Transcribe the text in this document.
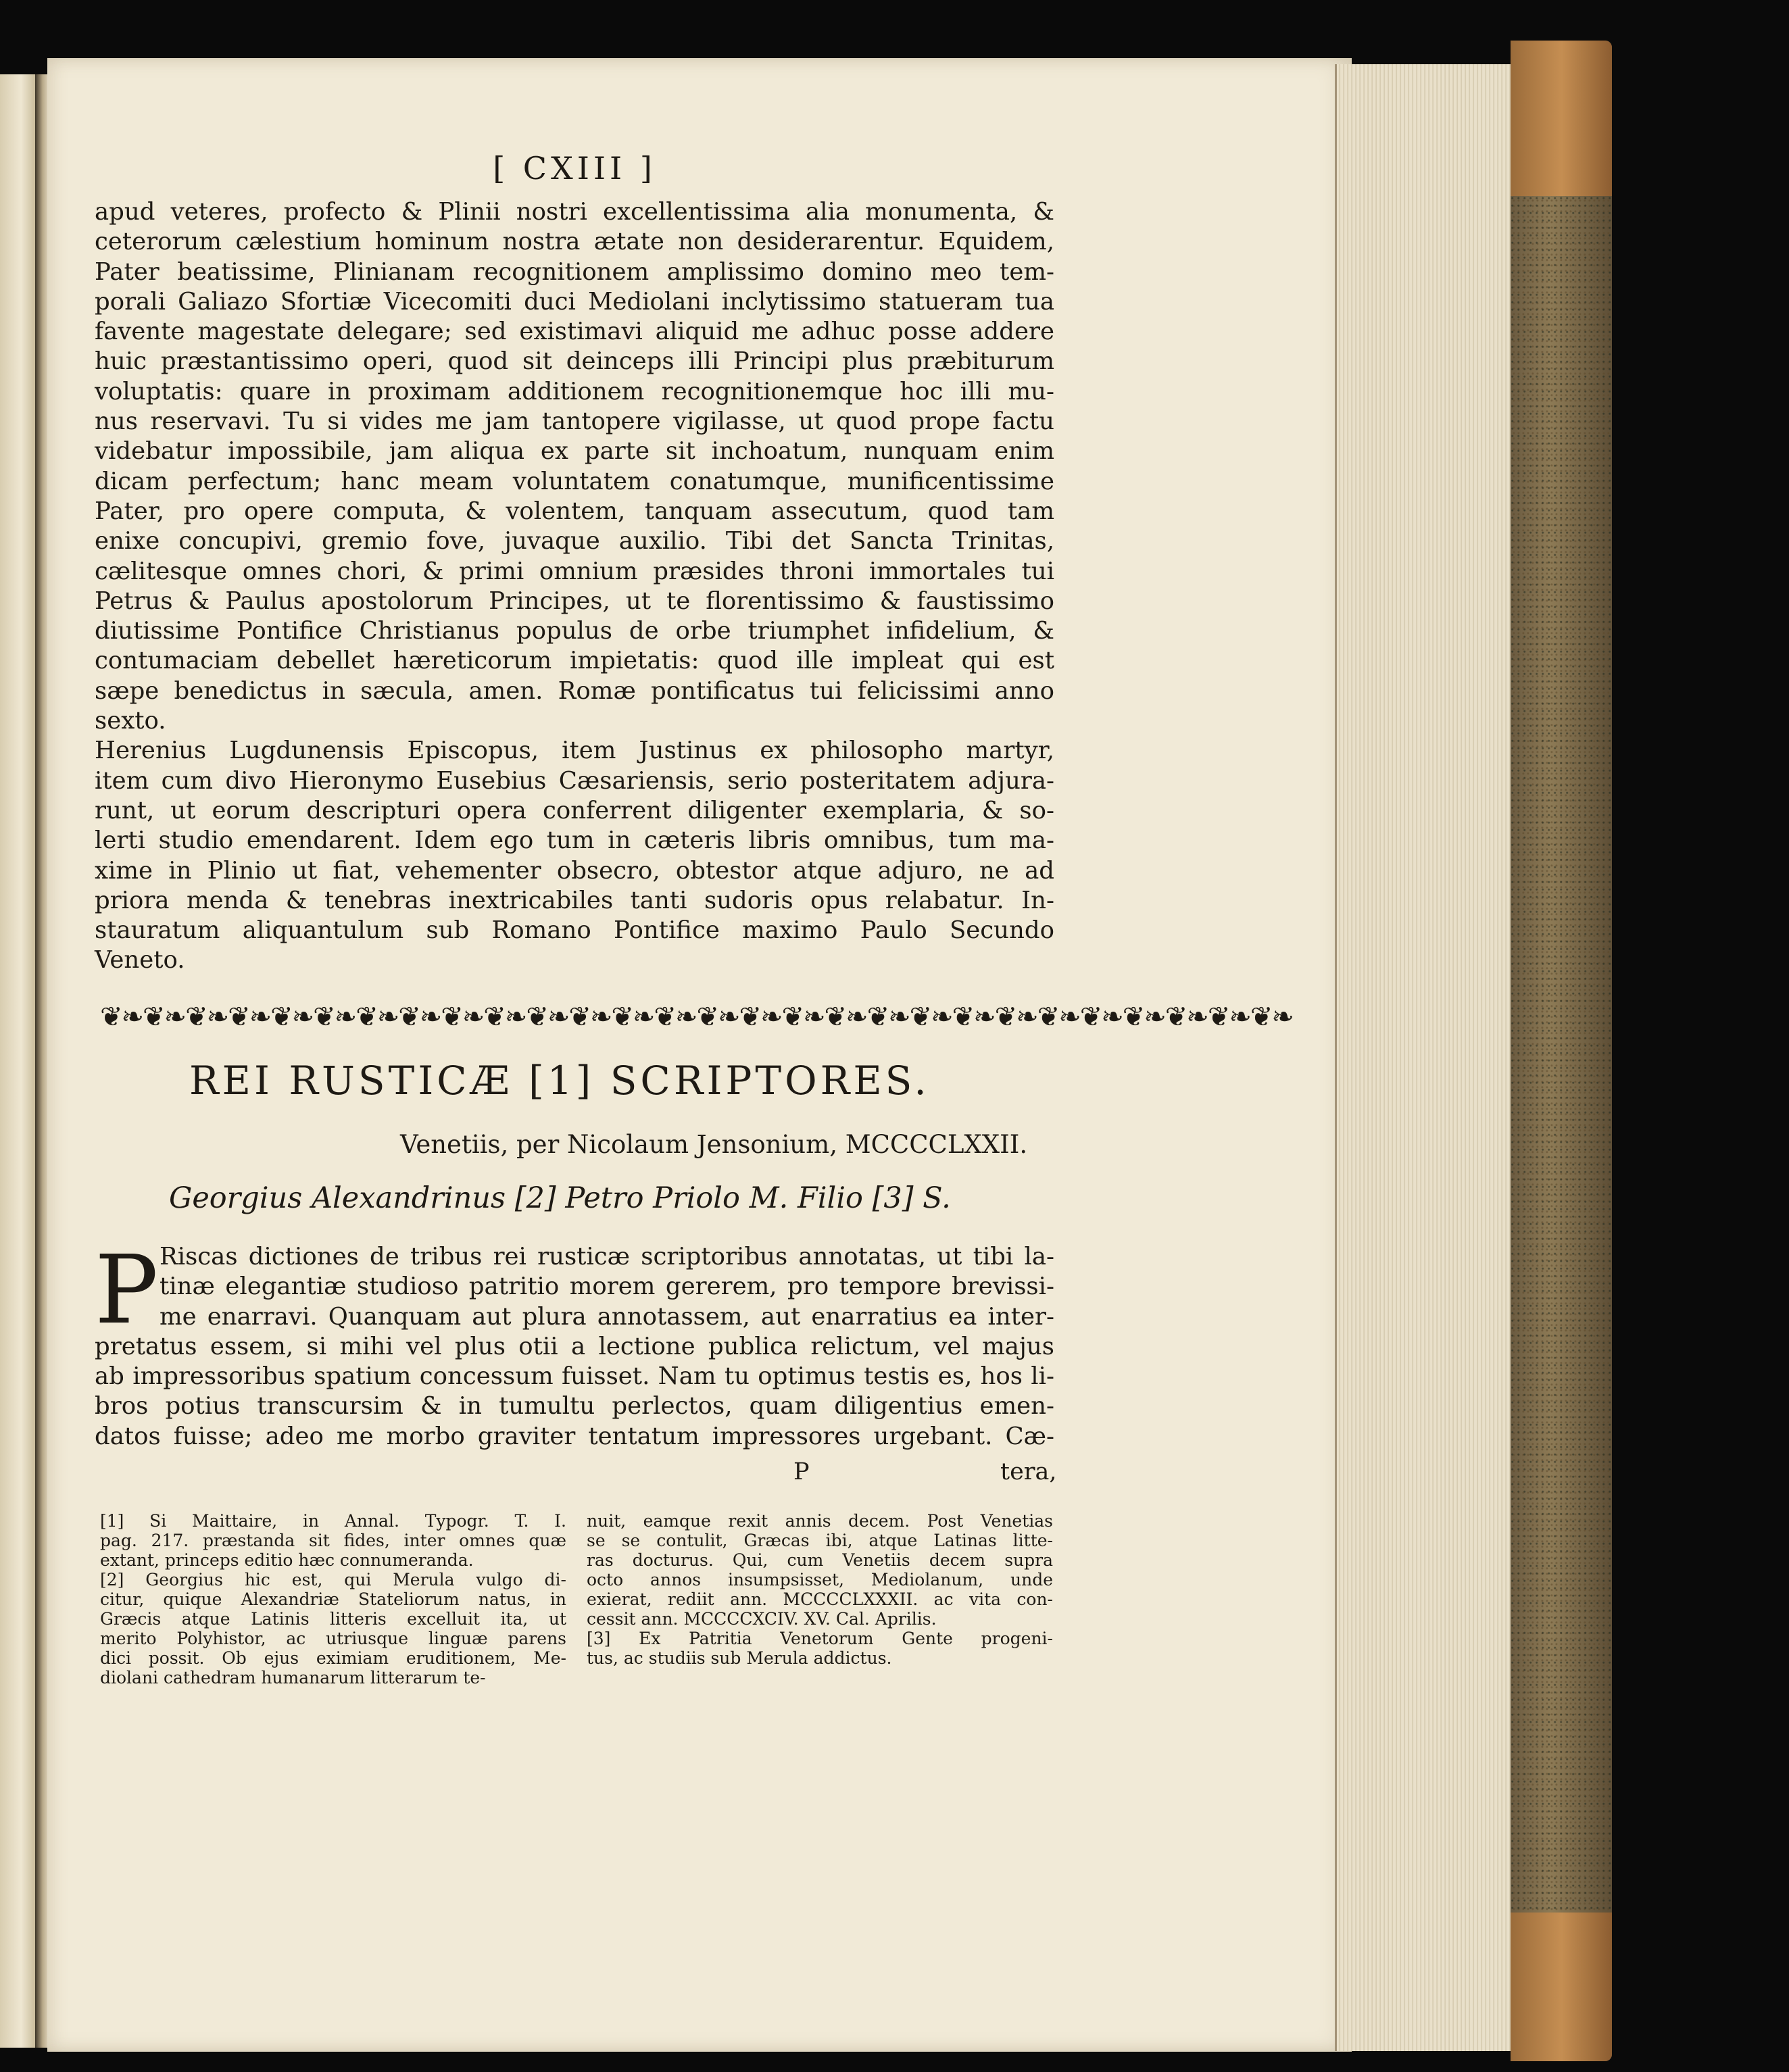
[ CXIII ]
apud veteres, profecto & Plinii nostri excellentissima alia monumenta, &
ceterorum cælestium hominum nostra ætate non desiderarentur. Equidem,
Pater beatissime, Plinianam recognitionem amplissimo domino meo tem-
porali Galiazo Sfortiæ Vicecomiti duci Mediolani inclytissimo statueram tua
favente magestate delegare; sed existimavi aliquid me adhuc posse addere
huic præstantissimo operi, quod sit deinceps illi Principi plus præbiturum
voluptatis: quare in proximam additionem recognitionemque hoc illi mu-
nus reservavi. Tu si vides me jam tantopere vigilasse, ut quod prope factu
videbatur impossibile, jam aliqua ex parte sit inchoatum, nunquam enim
dicam perfectum; hanc meam voluntatem conatumque, munificentissime
Pater, pro opere computa, & volentem, tanquam assecutum, quod tam
enixe concupivi, gremio fove, juvaque auxilio. Tibi det Sancta Trinitas,
cælitesque omnes chori, & primi omnium præsides throni immortales tui
Petrus & Paulus apostolorum Principes, ut te florentissimo & faustissimo
diutissime Pontifice Christianus populus de orbe triumphet infidelium, &
contumaciam debellet hæreticorum impietatis: quod ille impleat qui est
sæpe benedictus in sæcula, amen. Romæ pontificatus tui felicissimi anno
sexto.
Herenius Lugdunensis Episcopus, item Justinus ex philosopho martyr,
item cum divo Hieronymo Eusebius Cæsariensis, serio posteritatem adjura-
runt, ut eorum descripturi opera conferrent diligenter exemplaria, & so-
lerti studio emendarent. Idem ego tum in cæteris libris omnibus, tum ma-
xime in Plinio ut fiat, vehementer obsecro, obtestor atque adjuro, ne ad
priora menda & tenebras inextricabiles tanti sudoris opus relabatur. In-
stauratum aliquantulum sub Romano Pontifice maximo Paulo Secundo
Veneto.
❦❧❦❧❦❧❦❧❦❧❦❧❦❧❦❧❦❧❦❧❦❧❦❧❦❧❦❧❦❧❦❧❦❧❦❧❦❧❦❧❦❧❦❧❦❧❦❧❦❧❦❧❦❧❦❧
REI RUSTICÆ [1] SCRIPTORES.
Venetiis, per Nicolaum Jensonium, MCCCCLXXII.
Georgius Alexandrinus [2] Petro Priolo M. Filio [3] S.
P Riscas dictiones de tribus rei rusticæ scriptoribus annotatas, ut tibi la-
tinæ elegantiæ studioso patritio morem gererem, pro tempore brevissi-
me enarravi. Quanquam aut plura annotassem, aut enarratius ea inter-
pretatus essem, si mihi vel plus otii a lectione publica relictum, vel majus
ab impressoribus spatium concessum fuisset. Nam tu optimus testis es, hos li-
bros potius transcursim & in tumultu perlectos, quam diligentius emen-
datos fuisse; adeo me morbo graviter tentatum impressores urgebant. Cæ-
P	tera,
[1] Si Maittaire, in Annal. Typogr. T. I.
pag. 217. præstanda sit fides, inter omnes quæ
extant, princeps editio hæc connumeranda.
[2] Georgius hic est, qui Merula vulgo di-
citur, quique Alexandriæ Stateliorum natus, in
Græcis atque Latinis litteris excelluit ita, ut
merito Polyhistor, ac utriusque linguæ parens
dici possit. Ob ejus eximiam eruditionem, Me-
diolani cathedram humanarum litterarum te-
nuit, eamque rexit annis decem. Post Venetias
se se contulit, Græcas ibi, atque Latinas litte-
ras docturus. Qui, cum Venetiis decem supra
octo annos insumpsisset, Mediolanum, unde
exierat, rediit ann. MCCCCLXXXII. ac vita con-
cessit ann. MCCCCXCIV. XV. Cal. Aprilis.
[3] Ex Patritia Venetorum Gente progeni-
tus, ac studiis sub Merula addictus.
